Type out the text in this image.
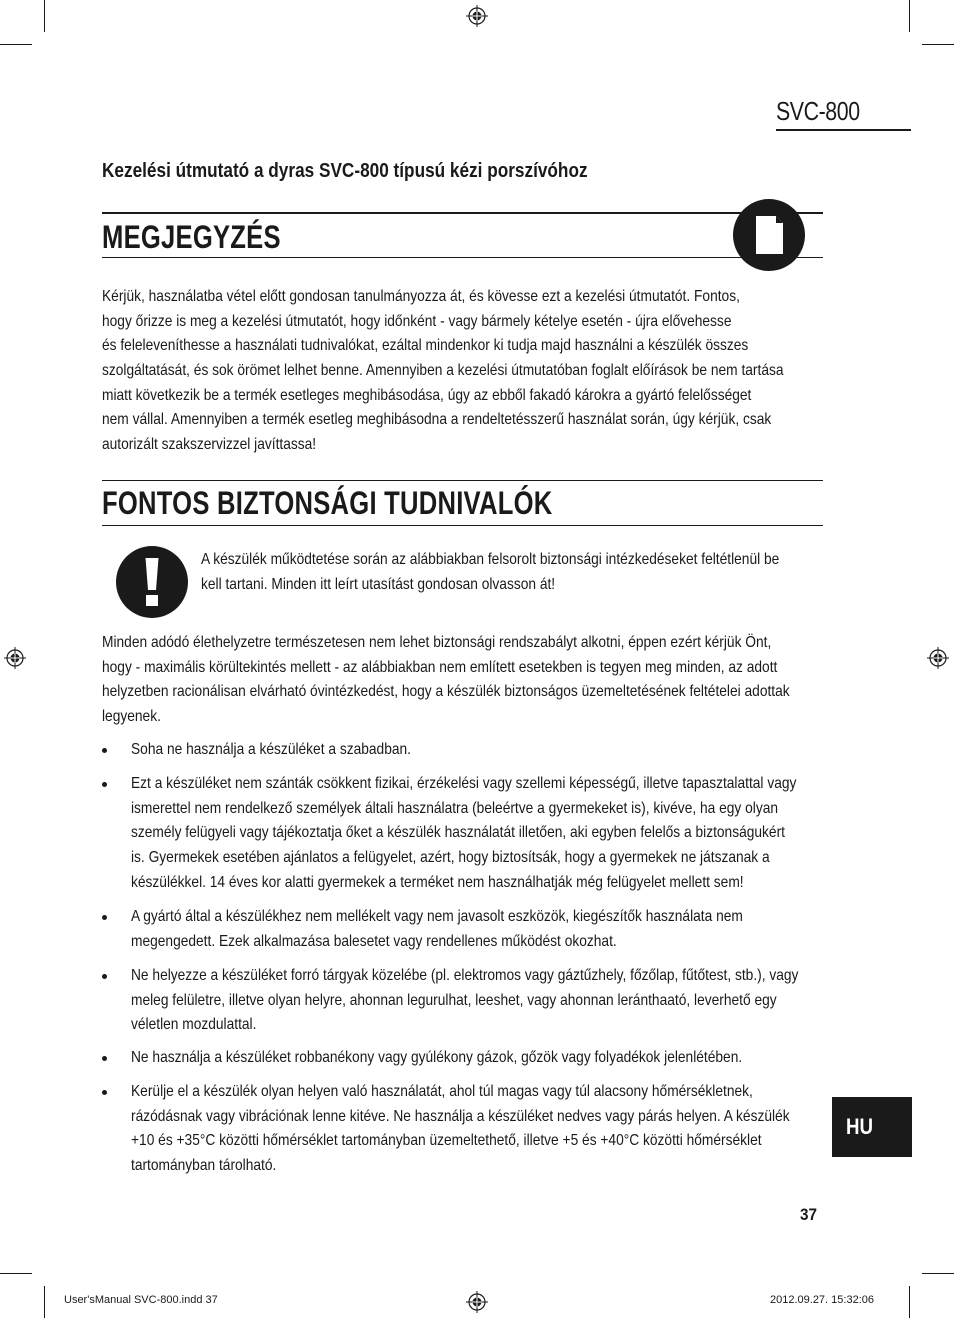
SVC-800
Kezelési útmutató a dyras SVC-800 típusú kézi porszívóhoz
MEGJEGYZÉS
Kérjük, használatba vétel előtt gondosan tanulmányozza át, és kövesse ezt a kezelési útmutatót. Fontos,
hogy őrizze is meg a kezelési útmutatót, hogy időnként - vagy bármely kételye esetén - újra elővehesse
és feleleveníthesse a használati tudnivalókat, ezáltal mindenkor ki tudja majd használni a készülék összes
szolgáltatását, és sok örömet lelhet benne. Amennyiben a kezelési útmutatóban foglalt előírások be nem tartása
miatt következik be a termék esetleges meghibásodása, úgy az ebből fakadó károkra a gyártó felelősséget
nem vállal. Amennyiben a termék esetleg meghibásodna a rendeltetésszerű használat során, úgy kérjük, csak
autorizált szakszervizzel javíttassa!
FONTOS BIZTONSÁGI TUDNIVALÓK
A készülék működtetése során az alábbiakban felsorolt biztonsági intézkedéseket feltétlenül be
kell tartani. Minden itt leírt utasítást gondosan olvasson át!
Minden adódó élethelyzetre természetesen nem lehet biztonsági rendszabályt alkotni, éppen ezért kérjük Önt,
hogy - maximális körültekintés mellett - az alábbiakban nem említett esetekben is tegyen meg minden, az adott
helyzetben racionálisan elvárható óvintézkedést, hogy a készülék biztonságos üzemeltetésének feltételei adottak
legyenek.
Soha ne használja a készüléket a szabadban.
Ezt a készüléket nem szánták csökkent fizikai, érzékelési vagy szellemi képességű, illetve tapasztalattal vagy
ismerettel nem rendelkező személyek általi használatra (beleértve a gyermekeket is), kivéve, ha egy olyan
személy felügyeli vagy tájékoztatja őket a készülék használatát illetően, aki egyben felelős a biztonságukért
is. Gyermekek esetében ajánlatos a felügyelet, azért, hogy biztosítsák, hogy a gyermekek ne játszanak a
készülékkel. 14 éves kor alatti gyermekek a terméket nem használhatják még felügyelet mellett sem!
A gyártó által a készülékhez nem mellékelt vagy nem javasolt eszközök, kiegészítők használata nem
megengedett. Ezek alkalmazása balesetet vagy rendellenes működést okozhat.
Ne helyezze a készüléket forró tárgyak közelébe (pl. elektromos vagy gáztűzhely, főzőlap, fűtőtest, stb.), vagy
meleg felületre, illetve olyan helyre, ahonnan legurulhat, leeshet, vagy ahonnan leránthaató, leverhető egy
véletlen mozdulattal.
Ne használja a készüléket robbanékony vagy gyúlékony gázok, gőzök vagy folyadékok jelenlétében.
Kerülje el a készülék olyan helyen való használatát, ahol túl magas vagy túl alacsony hőmérsékletnek,
rázódásnak vagy vibrációnak lenne kitéve. Ne használja a készüléket nedves vagy párás helyen. A készülék
+10 és +35°C közötti hőmérséklet tartományban üzemeltethető, illetve +5 és +40°C közötti hőmérséklet
tartományban tárolható.
HU
37
User'sManual SVC-800.indd 37	2012.09.27. 15:32:06
